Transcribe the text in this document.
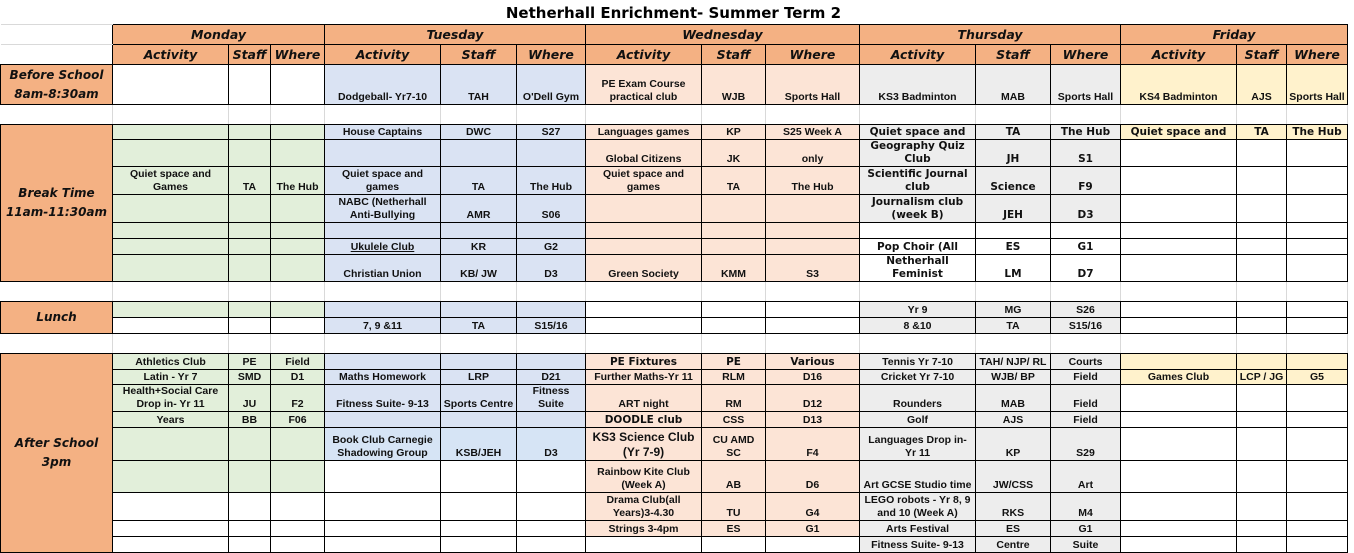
Netherhall Enrichment- Summer Term 2
	Monday			Tuesday			Wednesday			Thursday			Friday		
	Activity	Staff	Where	Activity	Staff	Where	Activity	Staff	Where	Activity	Staff	Where	Activity	Staff	Where

Before School
8am-8:30am				Dodgeball- Yr7-10	TAH	O'Dell Gym	PE Exam Course practical club	WJB	Sports Hall	KS3 Badminton	MAB	Sports Hall	KS4 Badminton	AJS	Sports Hall

Break Time
11am-11:30am				House Captains	DWC	S27	Languages games	KP	S25 Week A	Quiet space and	TA	The Hub	Quiet space and	TA	The Hub
							Global Citizens	JK	only	Geography Quiz Club	JH	S1			
	Quiet space and Games	TA	The Hub	Quiet space and games	TA	The Hub	Quiet space and games	TA	The Hub	Scientific Journal club	Science	F9			
				NABC (Netherhall Anti-Bullying	AMR	S06				Journalism club (week B)	JEH	D3			

				Ukulele Club	KR	G2				Pop Choir (All	ES	G1			
				Christian Union	KB/ JW	D3	Green Society	KMM	S3	Netherhall Feminist	LM	D7			

Lunch										Yr 9	MG	S26			
				7, 9 &11	TA	S15/16				8 &10	TA	S15/16			

After School
3pm	Athletics Club	PE	Field				PE Fixtures	PE	Various	Tennis Yr 7-10	TAH/ NJP/ RL	Courts			
	Latin - Yr 7	SMD	D1	Maths Homework	LRP	D21	Further Maths-Yr 11	RLM	D16	Cricket Yr 7-10	WJB/ BP	Field	Games Club	LCP / JG	G5
	Health+Social Care Drop in- Yr 11	JU	F2	Fitness Suite- 9-13	Sports Centre	Fitness Suite	ART night	RM	D12	Rounders	MAB	Field			
	Years	BB	F06				DOODLE club	CSS	D13	Golf	AJS	Field			
				Book Club Carnegie Shadowing Group	KSB/JEH	D3	KS3 Science Club (Yr 7-9)	CU AMD SC	F4	Languages Drop in- Yr 11	KP	S29			
							Rainbow Kite Club (Week A)	AB	D6	Art GCSE Studio time	JW/CSS	Art			
							Drama Club(all Years)3-4.30	TU	G4	LEGO robots - Yr 8, 9 and 10 (Week A)	RKS	M4			
							Strings 3-4pm	ES	G1	Arts Festival	ES	G1			
										Fitness Suite- 9-13	Centre	Suite			
